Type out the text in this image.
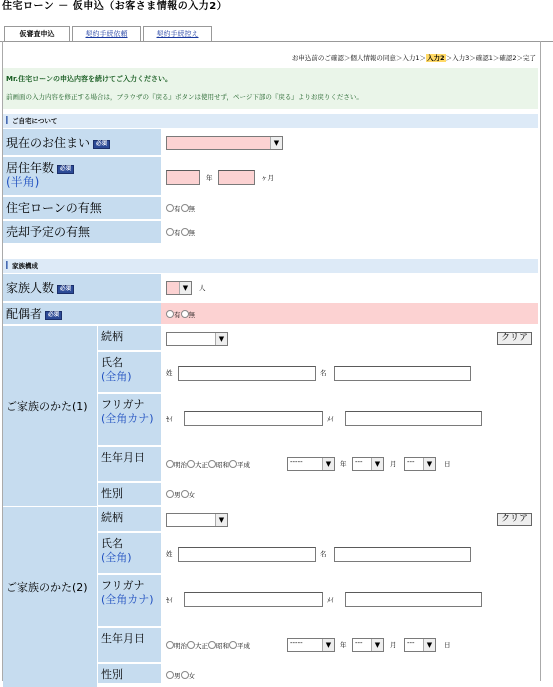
住宅ローン － 仮申込（お客さま情報の入力2）
仮審査申込	契約手続依頼	契約手続控え
お申込前のご確認＞個人情報の同意＞入力1＞入力2＞入力3＞確認1＞確認2＞完了
Mr.住宅ローンの申込内容を続けてご入力ください。
前画面の入力内容を修正する場合は，ブラウザの『戻る』ボタンは使用せず，ページ下部の『戻る』よりお戻りください。
ご自宅について
現在のお住まい 必須	▼
居住年数 必須
(半角)	年	ヶ月
住宅ローンの有無	有 無
売却予定の有無	有 無
家族構成
家族人数 必須	▼	人
配偶者 必須	有 無
ご家族のかた(1)
続柄	▼	クリア
氏名
(全角)	姓	名
フリガナ
(全角カナ)	ｾｲ	ﾒｲ
生年月日
明治 大正 昭和 平成	-----	▼	年	---	▼	月	---	▼	日
性別	男 女
ご家族のかた(2)
続柄	▼	クリア
氏名
(全角)	姓	名
フリガナ
(全角カナ)	ｾｲ	ﾒｲ
生年月日
明治 大正 昭和 平成	-----	▼	年	---	▼	月	---	▼	日
性別	男 女
